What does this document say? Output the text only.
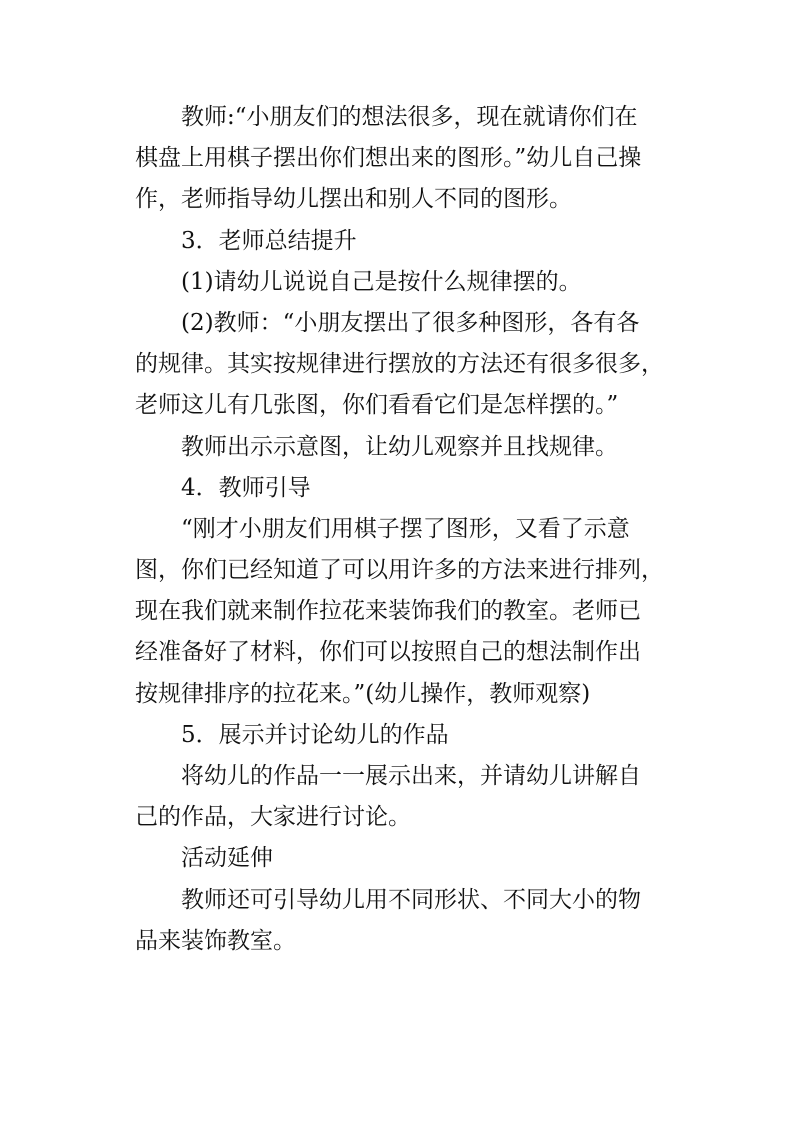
教师:“小朋友们的想法很多，现在就请你们在
棋盘上用棋子摆出你们想出来的图形。”幼儿自己操
作，老师指导幼儿摆出和别人不同的图形。
3．老师总结提升
(1)请幼儿说说自己是按什么规律摆的。
(2)教师：“小朋友摆出了很多种图形，各有各
的规律。其实按规律进行摆放的方法还有很多很多，
老师这儿有几张图，你们看看它们是怎样摆的。”
教师出示示意图，让幼儿观察并且找规律。
4．教师引导
“刚才小朋友们用棋子摆了图形，又看了示意
图，你们已经知道了可以用许多的方法来进行排列，
现在我们就来制作拉花来装饰我们的教室。老师已
经准备好了材料，你们可以按照自己的想法制作出
按规律排序的拉花来。”(幼儿操作，教师观察)
5．展示并讨论幼儿的作品
将幼儿的作品一一展示出来，并请幼儿讲解自
己的作品，大家进行讨论。
活动延伸
教师还可引导幼儿用不同形状、不同大小的物
品来装饰教室。
